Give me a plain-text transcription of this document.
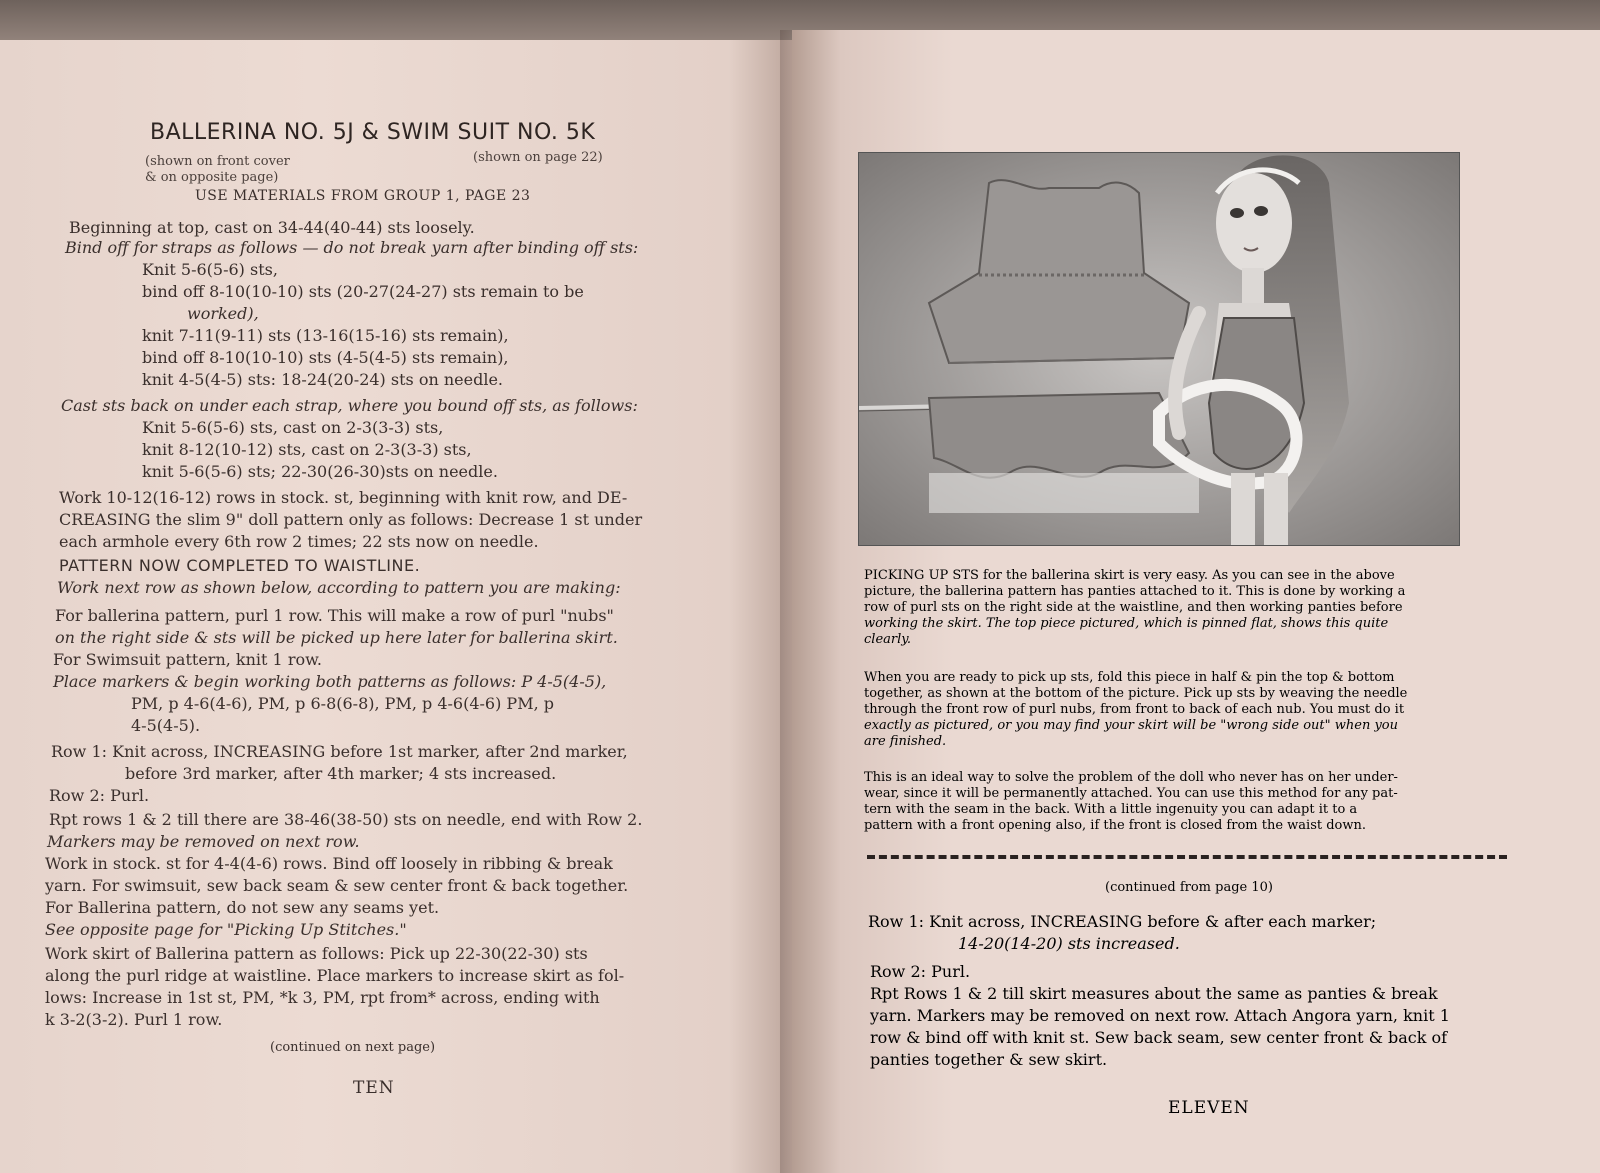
BALLERINA NO. 5J & SWIM SUIT NO. 5K
(shown on front cover
& on opposite page)
(shown on page 22)
USE MATERIALS FROM GROUP 1, PAGE 23
Beginning at top, cast on 34-44(40-44) sts loosely.
Bind off for straps as follows — do not break yarn after binding off sts:
Knit 5-6(5-6) sts,
bind off 8-10(10-10) sts (20-27(24-27) sts remain to be
worked),
knit 7-11(9-11) sts (13-16(15-16) sts remain),
bind off 8-10(10-10) sts (4-5(4-5) sts remain),
knit 4-5(4-5) sts: 18-24(20-24) sts on needle.
Cast sts back on under each strap, where you bound off sts, as follows:
Knit 5-6(5-6) sts, cast on 2-3(3-3) sts,
knit 8-12(10-12) sts, cast on 2-3(3-3) sts,
knit 5-6(5-6) sts; 22-30(26-30)sts on needle.
Work 10-12(16-12) rows in stock. st, beginning with knit row, and DE-
CREASING the slim 9" doll pattern only as follows: Decrease 1 st under
each armhole every 6th row 2 times; 22 sts now on needle.
PATTERN NOW COMPLETED TO WAISTLINE.
Work next row as shown below, according to pattern you are making:
For ballerina pattern, purl 1 row. This will make a row of purl "nubs"
on the right side & sts will be picked up here later for ballerina skirt.
For Swimsuit pattern, knit 1 row.
Place markers & begin working both patterns as follows: P 4-5(4-5),
PM, p 4-6(4-6), PM, p 6-8(6-8), PM, p 4-6(4-6) PM, p
4-5(4-5).
Row 1: Knit across, INCREASING before 1st marker, after 2nd marker,
before 3rd marker, after 4th marker; 4 sts increased.
Row 2: Purl.
Rpt rows 1 & 2 till there are 38-46(38-50) sts on needle, end with Row 2.
Markers may be removed on next row.
Work in stock. st for 4-4(4-6) rows. Bind off loosely in ribbing & break
yarn. For swimsuit, sew back seam & sew center front & back together.
For Ballerina pattern, do not sew any seams yet.
See opposite page for "Picking Up Stitches."
Work skirt of Ballerina pattern as follows: Pick up 22-30(22-30) sts
along the purl ridge at waistline. Place markers to increase skirt as fol-
lows: Increase in 1st st, PM, *k 3, PM, rpt from* across, ending with
k 3-2(3-2). Purl 1 row.
(continued on next page)
TEN
PICKING UP STS for the ballerina skirt is very easy. As you can see in the above
picture, the ballerina pattern has panties attached to it. This is done by working a
row of purl sts on the right side at the waistline, and then working panties before
working the skirt. The top piece pictured, which is pinned flat, shows this quite
clearly.
When you are ready to pick up sts, fold this piece in half & pin the top & bottom
together, as shown at the bottom of the picture. Pick up sts by weaving the needle
through the front row of purl nubs, from front to back of each nub. You must do it
exactly as pictured, or you may find your skirt will be "wrong side out" when you
are finished.
This is an ideal way to solve the problem of the doll who never has on her under-
wear, since it will be permanently attached. You can use this method for any pat-
tern with the seam in the back. With a little ingenuity you can adapt it to a
pattern with a front opening also, if the front is closed from the waist down.
(continued from page 10)
Row 1: Knit across, INCREASING before & after each marker;
14-20(14-20) sts increased.
Row 2: Purl.
Rpt Rows 1 & 2 till skirt measures about the same as panties & break
yarn. Markers may be removed on next row. Attach Angora yarn, knit 1
row & bind off with knit st. Sew back seam, sew center front & back of
panties together & sew skirt.
ELEVEN
